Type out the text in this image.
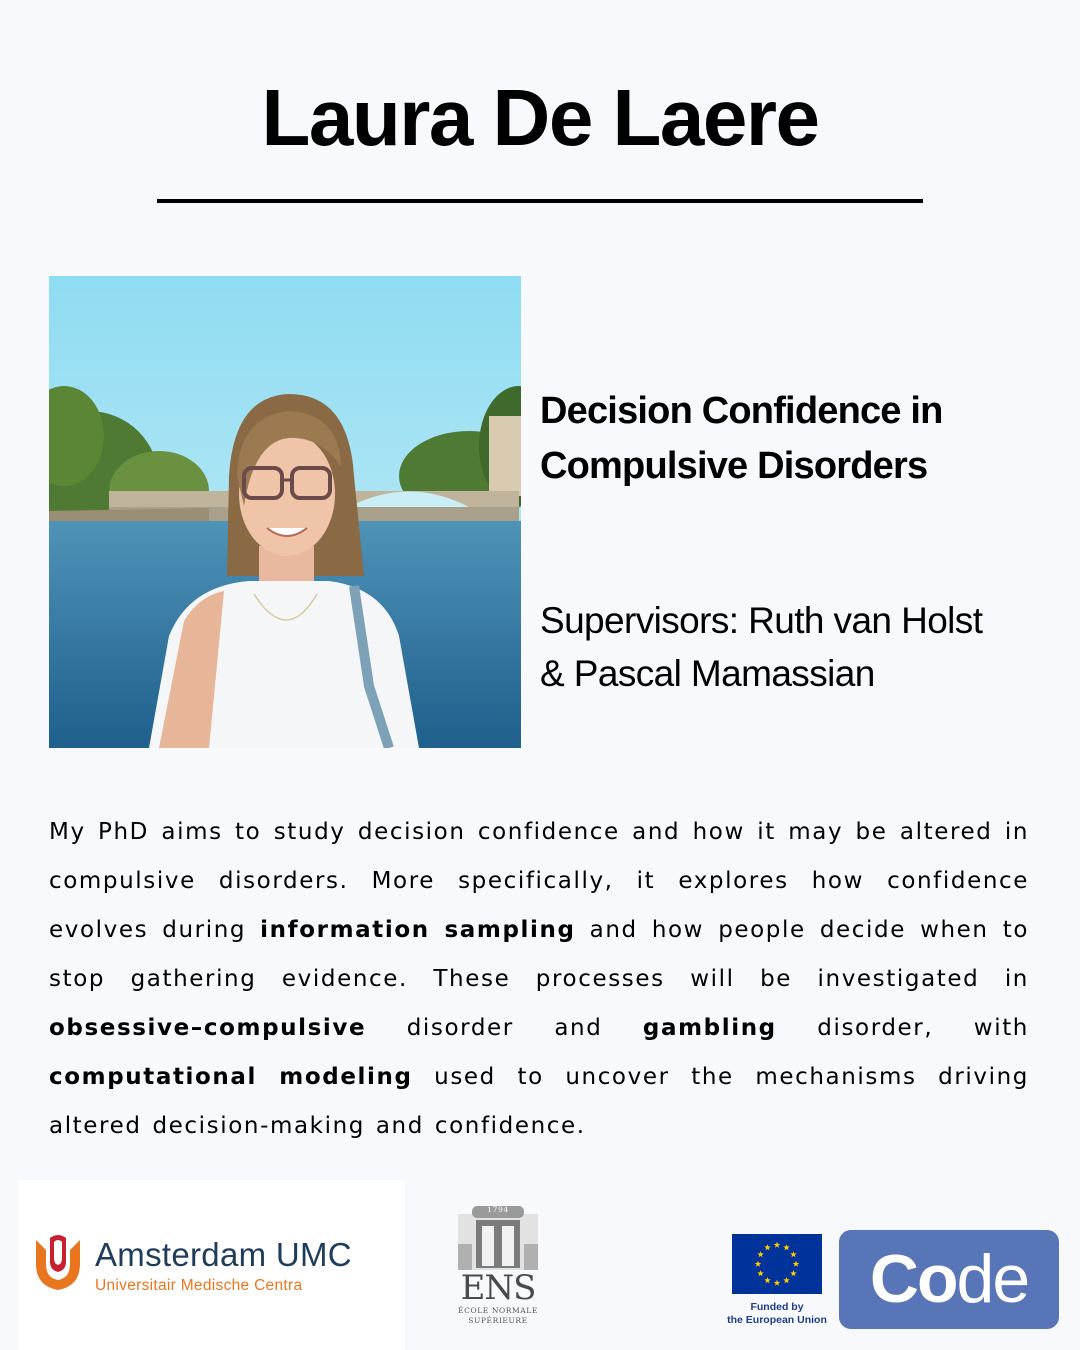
Laura De Laere
Decision Confidence in
Compulsive Disorders
Supervisors: Ruth van Holst
& Pascal Mamassian

My PhD aims to study decision confidence and how it may be altered in compulsive disorders. More specifically, it explores how confidence evolves during information sampling and how people decide when to stop gathering evidence. These processes will be investigated in obsessive–compulsive disorder and gambling disorder, with computational modeling used to uncover the mechanisms driving altered decision-making and confidence.

Amsterdam UMC
Universitair Medische Centra
1794
ENS
ÉCOLE NORMALE
SUPÉRIEURE
Funded by
the European Union
Code
